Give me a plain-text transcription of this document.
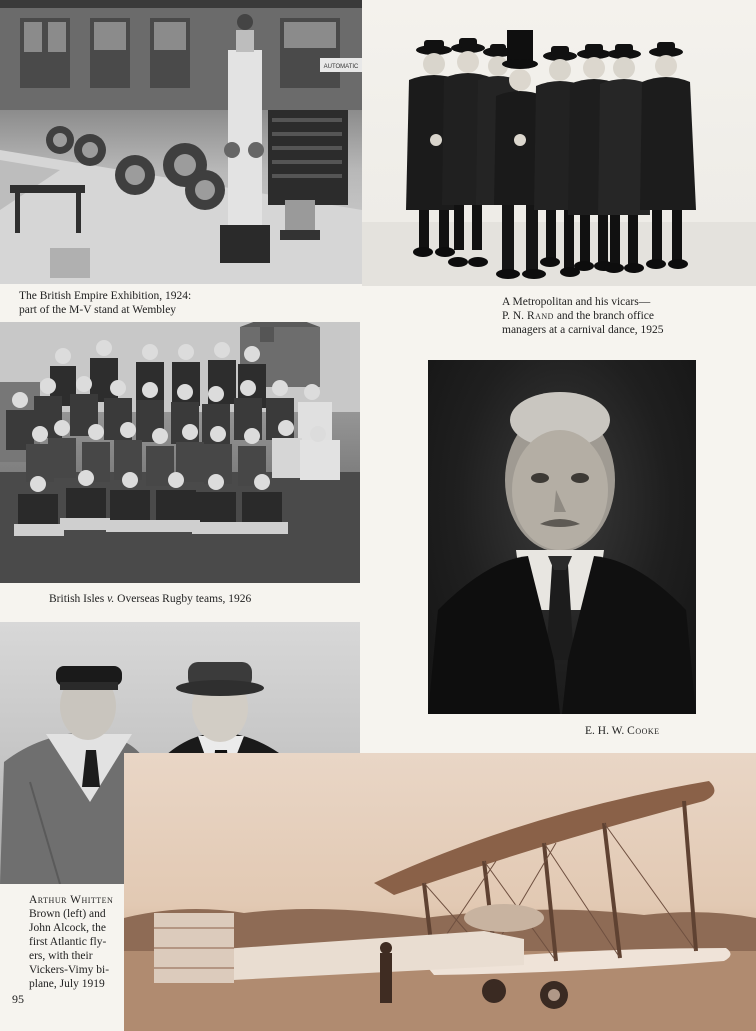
AUTOMATIC
The British Empire Exhibition, 1924:
part of the M-V stand at Wembley
A Metropolitan and his vicars—
P. N. Rand and the branch office
managers at a carnival dance, 1925
British Isles v. Overseas Rugby teams, 1926
E. H. W. Cooke
Arthur Whitten
Brown (left) and
John Alcock, the
first Atlantic fly-
ers, with their
Vickers-Vimy bi-
plane, July 1919
95
